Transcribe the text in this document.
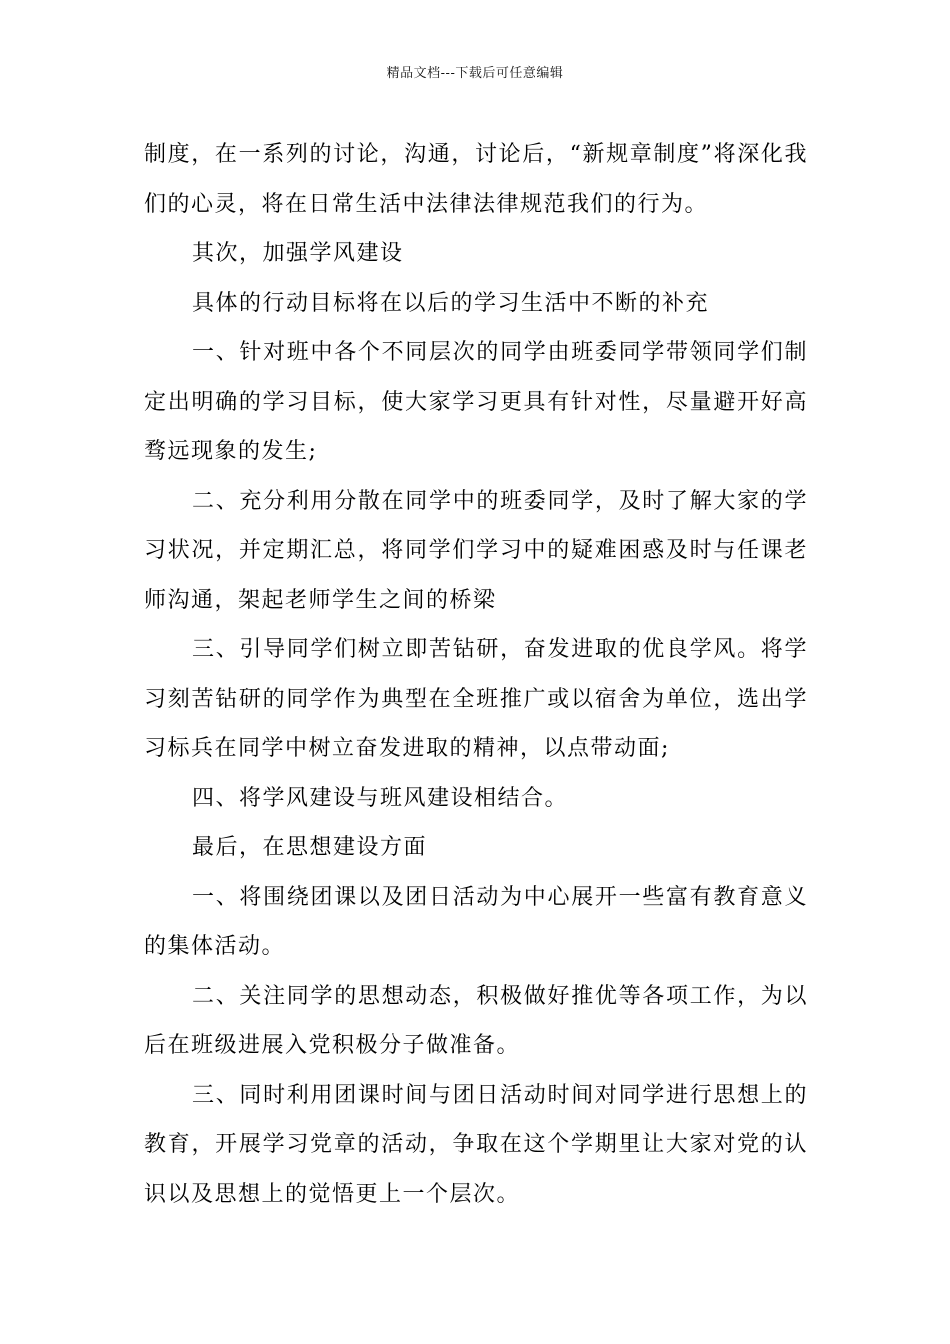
精品文档---下载后可任意编辑

制度，在一系列的讨论，沟通，讨论后，“新规章制度”将深化我们的心灵，将在日常生活中法律法律规范我们的行为。

其次，加强学风建设

具体的行动目标将在以后的学习生活中不断的补充

一、针对班中各个不同层次的同学由班委同学带领同学们制定出明确的学习目标，使大家学习更具有针对性，尽量避开好高骛远现象的发生;

二、充分利用分散在同学中的班委同学，及时了解大家的学习状况，并定期汇总，将同学们学习中的疑难困惑及时与任课老师沟通，架起老师学生之间的桥梁

三、引导同学们树立即苦钻研，奋发进取的优良学风。将学习刻苦钻研的同学作为典型在全班推广或以宿舍为单位，选出学习标兵在同学中树立奋发进取的精神，以点带动面;

四、将学风建设与班风建设相结合。

最后，在思想建设方面

一、将围绕团课以及团日活动为中心展开一些富有教育意义的集体活动。

二、关注同学的思想动态，积极做好推优等各项工作，为以后在班级进展入党积极分子做准备。

三、同时利用团课时间与团日活动时间对同学进行思想上的教育，开展学习党章的活动，争取在这个学期里让大家对党的认识以及思想上的觉悟更上一个层次。
